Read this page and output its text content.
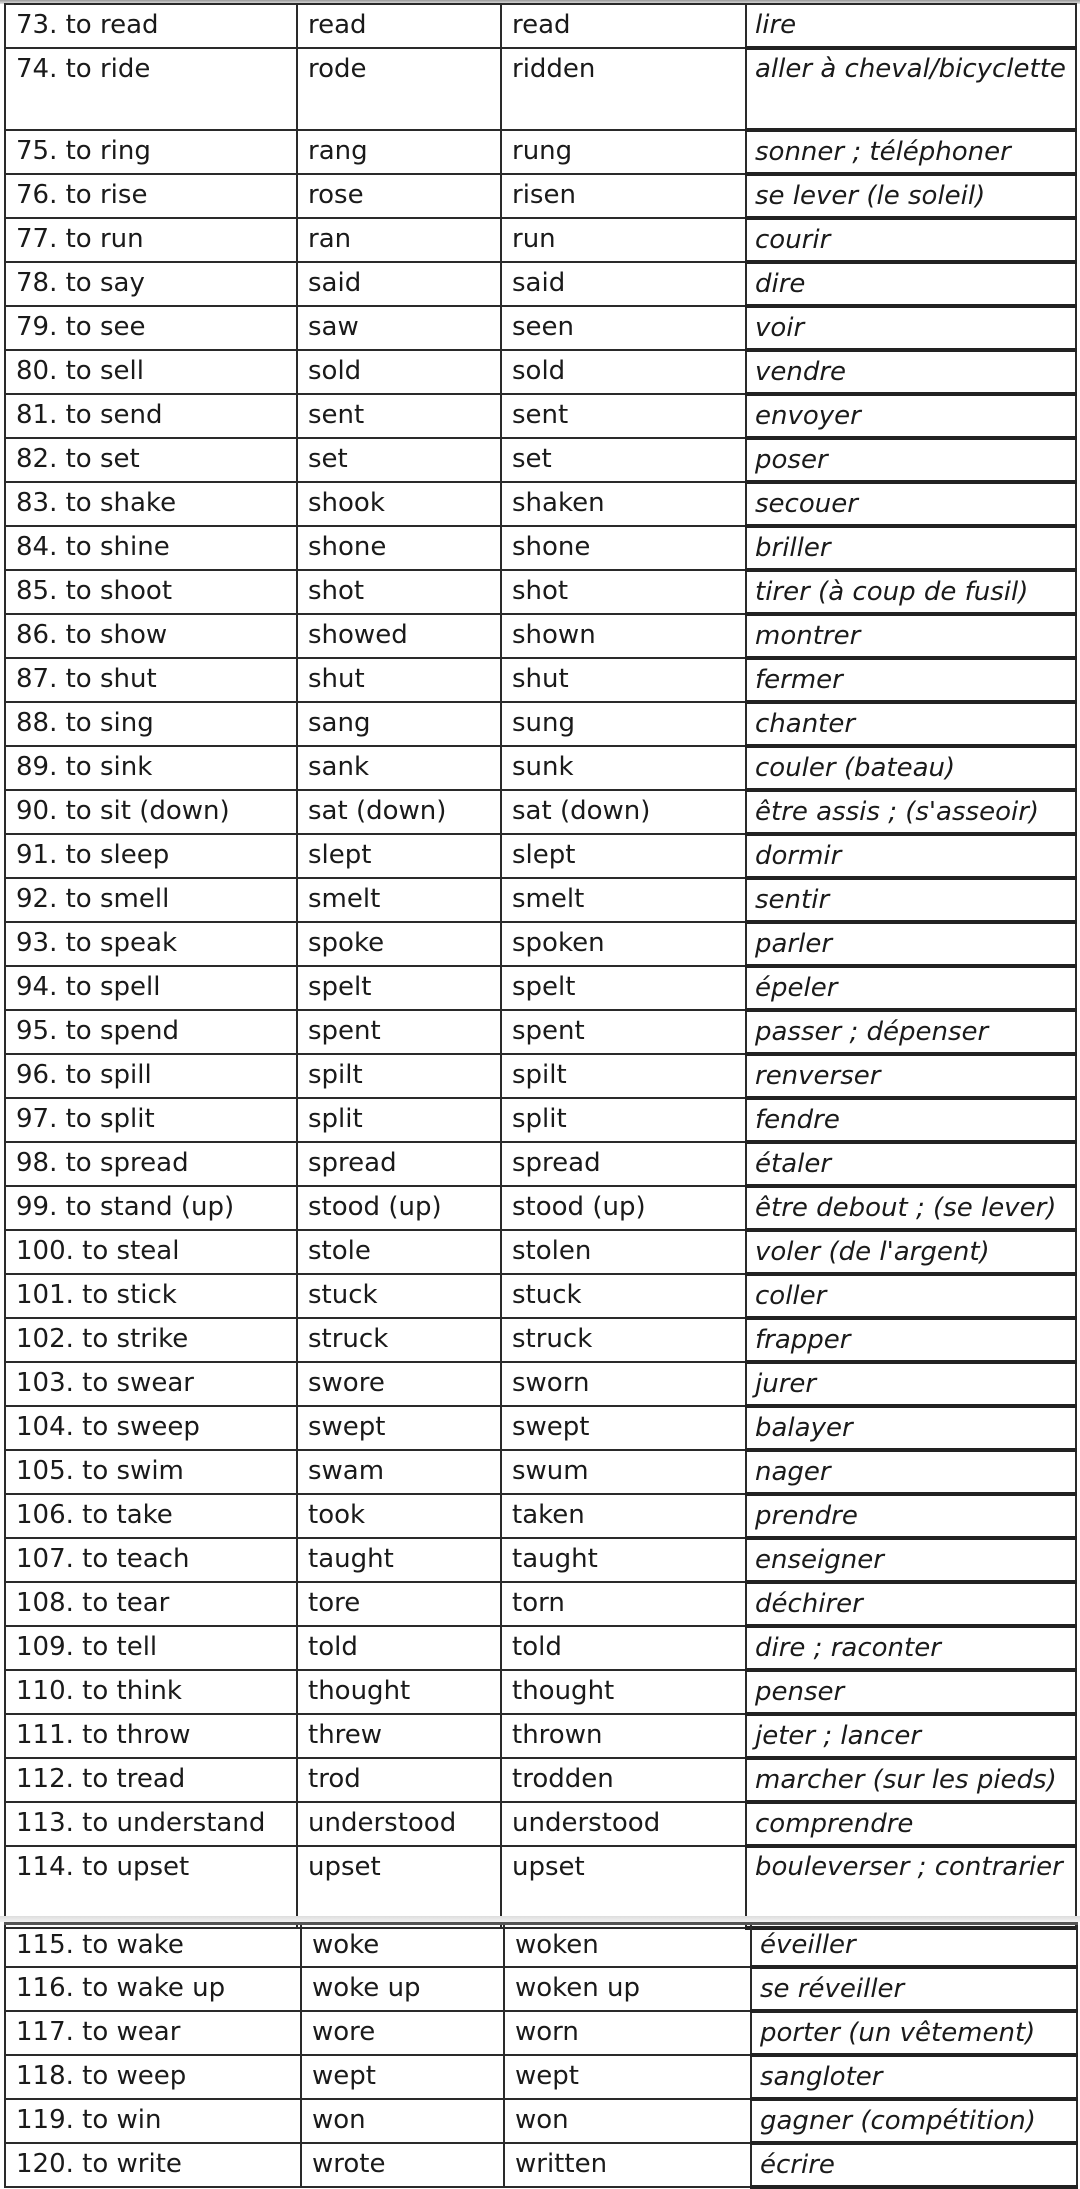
73. to read	read	read	lire
74. to ride	rode	ridden	aller à cheval/bicyclette
75. to ring	rang	rung	sonner ; téléphoner
76. to rise	rose	risen	se lever (le soleil)
77. to run	ran	run	courir
78. to say	said	said	dire
79. to see	saw	seen	voir
80. to sell	sold	sold	vendre
81. to send	sent	sent	envoyer
82. to set	set	set	poser
83. to shake	shook	shaken	secouer
84. to shine	shone	shone	briller
85. to shoot	shot	shot	tirer (à coup de fusil)
86. to show	showed	shown	montrer
87. to shut	shut	shut	fermer
88. to sing	sang	sung	chanter
89. to sink	sank	sunk	couler (bateau)
90. to sit (down)	sat (down)	sat (down)	être assis ; (s'asseoir)
91. to sleep	slept	slept	dormir
92. to smell	smelt	smelt	sentir
93. to speak	spoke	spoken	parler
94. to spell	spelt	spelt	épeler
95. to spend	spent	spent	passer ; dépenser
96. to spill	spilt	spilt	renverser
97. to split	split	split	fendre
98. to spread	spread	spread	étaler
99. to stand (up)	stood (up)	stood (up)	être debout ; (se lever)
100. to steal	stole	stolen	voler (de l'argent)
101. to stick	stuck	stuck	coller
102. to strike	struck	struck	frapper
103. to swear	swore	sworn	jurer
104. to sweep	swept	swept	balayer
105. to swim	swam	swum	nager
106. to take	took	taken	prendre
107. to teach	taught	taught	enseigner
108. to tear	tore	torn	déchirer
109. to tell	told	told	dire ; raconter
110. to think	thought	thought	penser
111. to throw	threw	thrown	jeter ; lancer
112. to tread	trod	trodden	marcher (sur les pieds)
113. to understand	understood	understood	comprendre
114. to upset	upset	upset	bouleverser ; contrarier
115. to wake	woke	woken	éveiller
116. to wake up	woke up	woken up	se réveiller
117. to wear	wore	worn	porter (un vêtement)
118. to weep	wept	wept	sangloter
119. to win	won	won	gagner (compétition)
120. to write	wrote	written	écrire
